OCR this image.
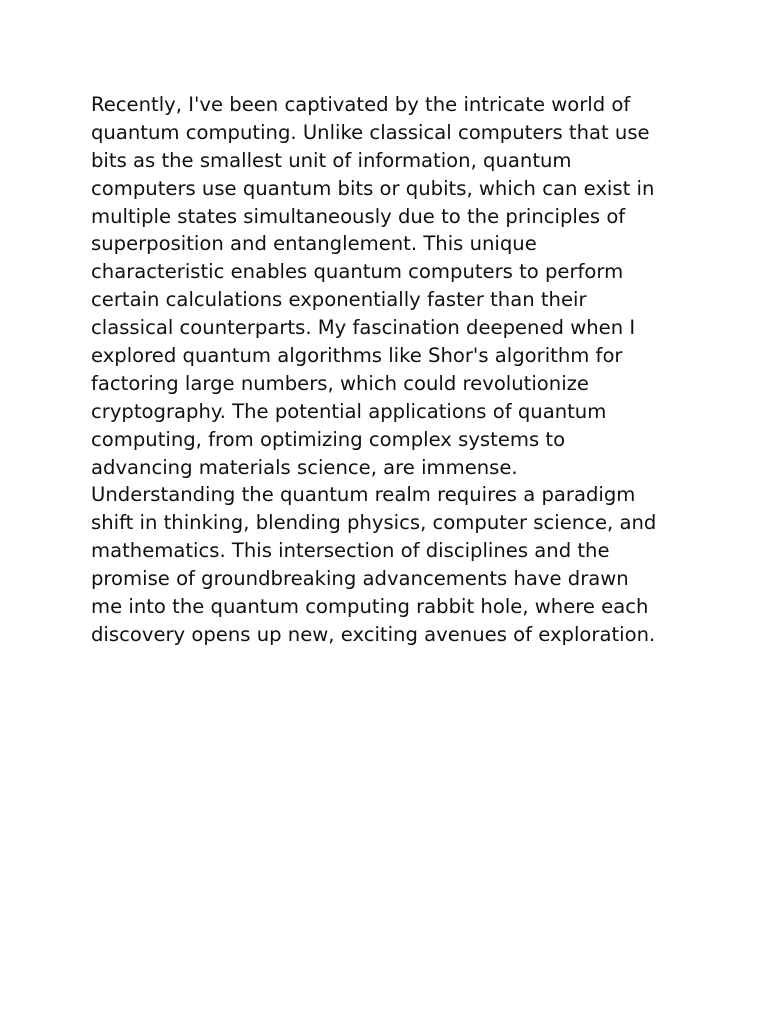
Recently, I've been captivated by the intricate world of
quantum computing. Unlike classical computers that use
bits as the smallest unit of information, quantum
computers use quantum bits or qubits, which can exist in
multiple states simultaneously due to the principles of
superposition and entanglement. This unique
characteristic enables quantum computers to perform
certain calculations exponentially faster than their
classical counterparts. My fascination deepened when I
explored quantum algorithms like Shor's algorithm for
factoring large numbers, which could revolutionize
cryptography. The potential applications of quantum
computing, from optimizing complex systems to
advancing materials science, are immense.
Understanding the quantum realm requires a paradigm
shift in thinking, blending physics, computer science, and
mathematics. This intersection of disciplines and the
promise of groundbreaking advancements have drawn
me into the quantum computing rabbit hole, where each
discovery opens up new, exciting avenues of exploration.
